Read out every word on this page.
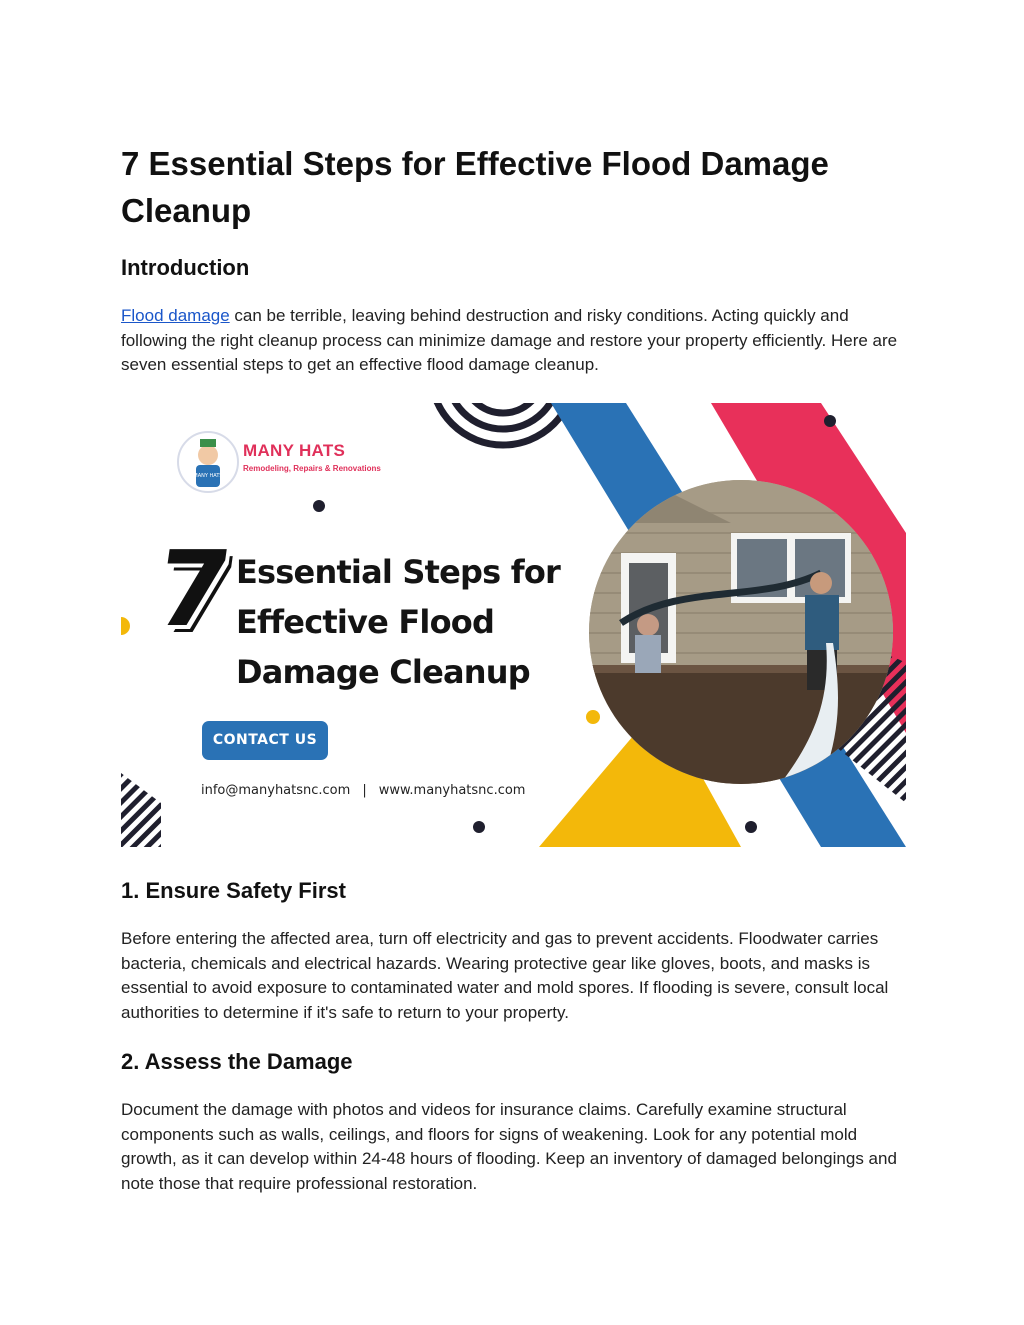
7 Essential Steps for Effective Flood Damage Cleanup
Introduction

Flood damage can be terrible, leaving behind destruction and risky conditions. Acting quickly and following the right cleanup process can minimize damage and restore your property efficiently. Here are seven essential steps to get an effective flood damage cleanup.

MANY HATS
MANY HATS
Remodeling, Repairs & Renovations
7
Essential Steps for
Effective Flood
Damage Cleanup
CONTACT US
info@manyhatsnc.com | www.manyhatsnc.com
1. Ensure Safety First

Before entering the affected area, turn off electricity and gas to prevent accidents. Floodwater carries bacteria, chemicals and electrical hazards. Wearing protective gear like gloves, boots, and masks is essential to avoid exposure to contaminated water and mold spores. If flooding is severe, consult local authorities to determine if it's safe to return to your property.

2. Assess the Damage

Document the damage with photos and videos for insurance claims. Carefully examine structural components such as walls, ceilings, and floors for signs of weakening. Look for any potential mold growth, as it can develop within 24-48 hours of flooding. Keep an inventory of damaged belongings and note those that require professional restoration.
